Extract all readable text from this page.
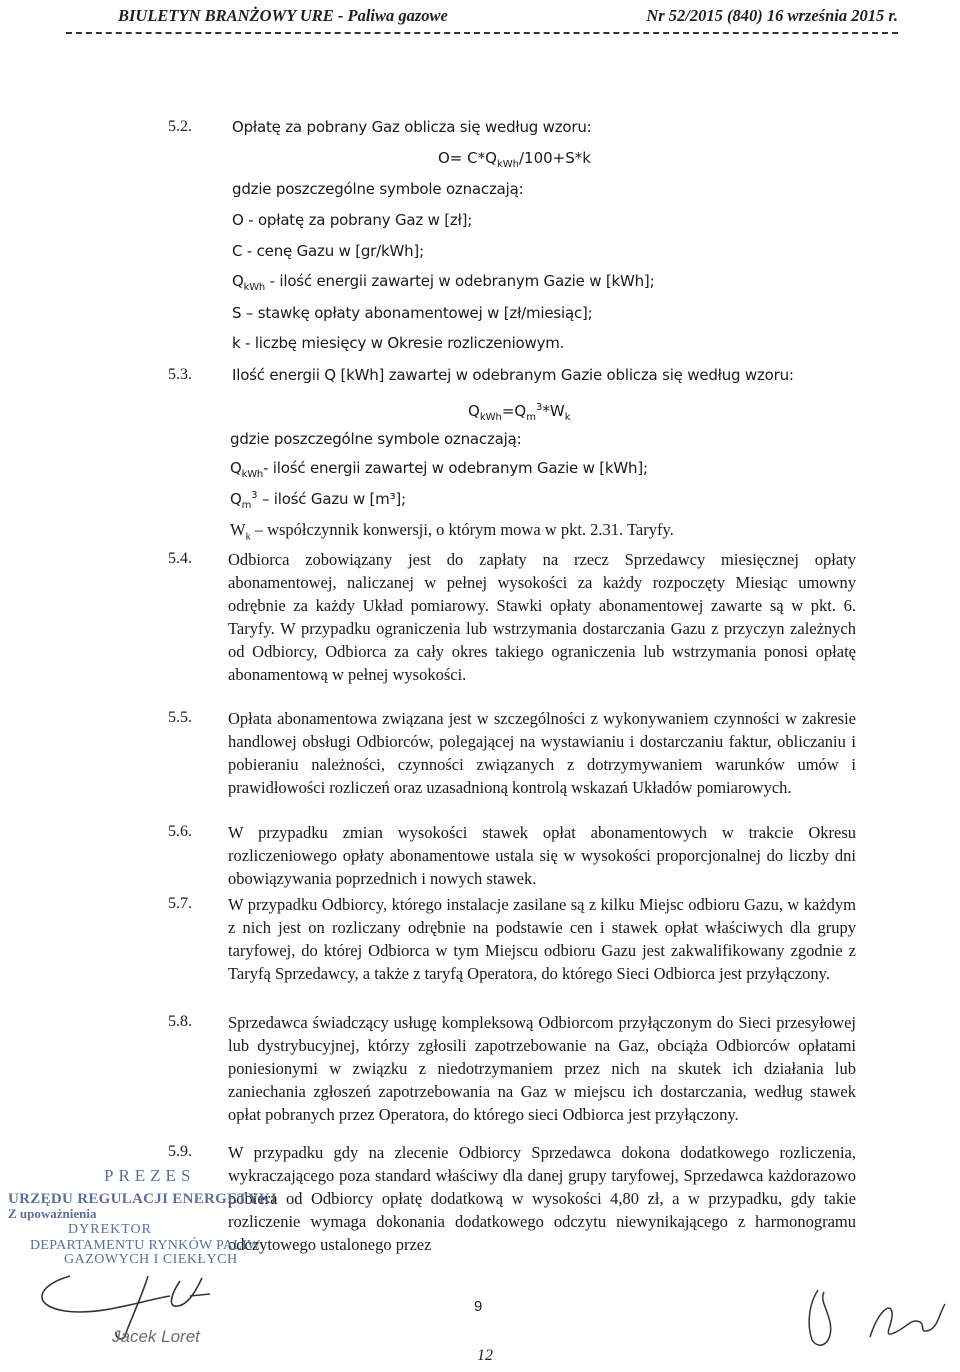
BIULETYN BRANŻOWY URE - Paliwa gazowe	Nr 52/2015 (840) 16 września 2015 r.
5.2.	Opłatę za pobrany Gaz oblicza się według wzoru:
$O= C*Q_{kWh}/100+S*k$
gdzie poszczególne symbole oznaczają:
O - opłatę za pobrany Gaz w [zł];
C - cenę Gazu w [gr/kWh];
$Q_{kWh}$ - ilość energii zawartej w odebranym Gazie w [kWh];
S – stawkę opłaty abonamentowej w [zł/miesiąc];
k - liczbę miesięcy w Okresie rozliczeniowym.
5.3.	Ilość energii Q [kWh] zawartej w odebranym Gazie oblicza się według wzoru:
$Q_{kWh}=Q_m^3*W_k$
gdzie poszczególne symbole oznaczają:
$Q_{kWh}-$ ilość energii zawartej w odebranym Gazie w [kWh];
$Q_m^3$ – ilość Gazu w [m³];
$W_k$ – współczynnik konwersji, o którym mowa w pkt. 2.31. Taryfy.
5.4. Odbiorca zobowiązany jest do zapłaty na rzecz Sprzedawcy miesięcznej opłaty abonamentowej, naliczanej w pełnej wysokości za każdy rozpoczęty Miesiąc umowny odrębnie za każdy Układ pomiarowy. Stawki opłaty abonamentowej zawarte są w pkt. 6. Taryfy. W przypadku ograniczenia lub wstrzymania dostarczania Gazu z przyczyn zależnych od Odbiorcy, Odbiorca za cały okres takiego ograniczenia lub wstrzymania ponosi opłatę abonamentową w pełnej wysokości.
5.5. Opłata abonamentowa związana jest w szczególności z wykonywaniem czynności w zakresie handlowej obsługi Odbiorców, polegającej na wystawianiu i dostarczaniu faktur, obliczaniu i pobieraniu należności, czynności związanych z dotrzymywaniem warunków umów i prawidłowości rozliczeń oraz uzasadnioną kontrolą wskazań Układów pomiarowych.
5.6. W przypadku zmian wysokości stawek opłat abonamentowych w trakcie Okresu rozliczeniowego opłaty abonamentowe ustala się w wysokości proporcjonalnej do liczby dni obowiązywania poprzednich i nowych stawek.
5.7. W przypadku Odbiorcy, którego instalacje zasilane są z kilku Miejsc odbioru Gazu, w każdym z nich jest on rozliczany odrębnie na podstawie cen i stawek opłat właściwych dla grupy taryfowej, do której Odbiorca w tym Miejscu odbioru Gazu jest zakwalifikowany zgodnie z Taryfą Sprzedawcy, a także z taryfą Operatora, do którego Sieci Odbiorca jest przyłączony.
5.8. Sprzedawca świadczący usługę kompleksową Odbiorcom przyłączonym do Sieci przesyłowej lub dystrybucyjnej, którzy zgłosili zapotrzebowanie na Gaz, obciąża Odbiorców opłatami poniesionymi w związku z niedotrzymaniem przez nich na skutek ich działania lub zaniechania zgłoszeń zapotrzebowania na Gaz w miejscu ich dostarczania, według stawek opłat pobranych przez Operatora, do którego sieci Odbiorca jest przyłączony.
5.9. W przypadku gdy na zlecenie Odbiorcy Sprzedawca dokona dodatkowego rozliczenia, wykraczającego poza standard właściwy dla danej grupy taryfowej, Sprzedawca każdorazowo pobiera od Odbiorcy opłatę dodatkową w wysokości 4,80 zł, a w przypadku, gdy takie rozliczenie wymaga dokonania dodatkowego odczytu niewynikającego z harmonogramu odczytowego ustalonego przez
PREZES
URZĘDU REGULACJI ENERGETYKI
Z upoważnienia
DYREKTOR
DEPARTAMENTU RYNKÓW PALIW
GAZOWYCH I CIEKŁYCH
Jacek Loret
9
12
